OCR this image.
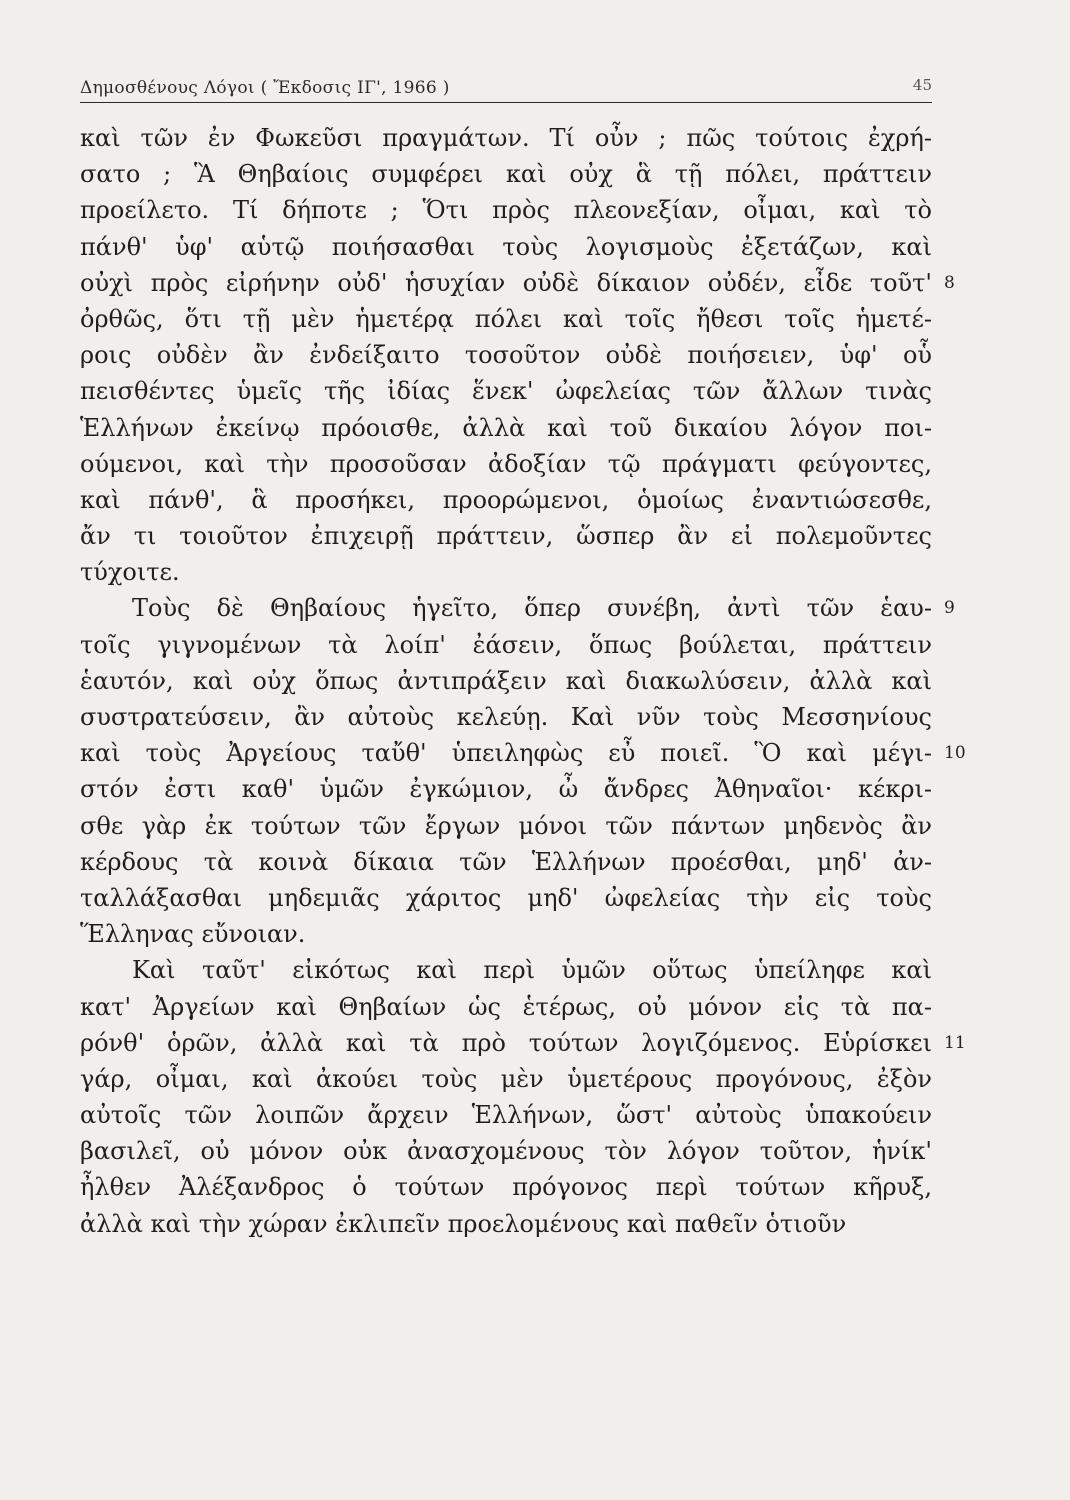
Δημοσθένους Λόγοι ( Ἔκδοσις ΙΓ', 1966 )	45
καὶ τῶν ἐν Φωκεῦσι πραγμάτων. Τί οὖν ; πῶς τούτοις ἐχρή-
σατο ; Ἃ Θηβαίοις συμφέρει καὶ οὐχ ἃ τῇ πόλει, πράττειν
προείλετο. Τί δήποτε ; Ὅτι πρὸς πλεονεξίαν, οἶμαι, καὶ τὸ
πάνθ' ὑφ' αὑτῷ ποιήσασθαι τοὺς λογισμοὺς ἐξετάζων, καὶ
οὐχὶ πρὸς εἰρήνην οὐδ' ἡσυχίαν οὐδὲ δίκαιον οὐδέν, εἶδε τοῦτ' 8
ὀρθῶς, ὅτι τῇ μὲν ἡμετέρᾳ πόλει καὶ τοῖς ἤθεσι τοῖς ἡμετέ-
ροις οὐδὲν ἂν ἐνδείξαιτο τοσοῦτον οὐδὲ ποιήσειεν, ὑφ' οὗ
πεισθέντες ὑμεῖς τῆς ἰδίας ἕνεκ' ὠφελείας τῶν ἄλλων τινὰς
Ἑλλήνων ἐκείνῳ πρόοισθε, ἀλλὰ καὶ τοῦ δικαίου λόγον ποι-
ούμενοι, καὶ τὴν προσοῦσαν ἀδοξίαν τῷ πράγματι φεύγοντες,
καὶ πάνθ', ἃ προσήκει, προορώμενοι, ὁμοίως ἐναντιώσεσθε,
ἄν τι τοιοῦτον ἐπιχειρῇ πράττειν, ὥσπερ ἂν εἰ πολεμοῦντες
τύχοιτε.
Τοὺς δὲ Θηβαίους ἡγεῖτο, ὅπερ συνέβη, ἀντὶ τῶν ἑαυ- 9
τοῖς γιγνομένων τὰ λοίπ' ἐάσειν, ὅπως βούλεται, πράττειν
ἑαυτόν, καὶ οὐχ ὅπως ἀντιπράξειν καὶ διακωλύσειν, ἀλλὰ καὶ
συστρατεύσειν, ἂν αὐτοὺς κελεύῃ. Καὶ νῦν τοὺς Μεσσηνίους
καὶ τοὺς Ἀργείους ταὔθ' ὑπειληφὼς εὖ ποιεῖ. Ὃ καὶ μέγι- 10
στόν ἐστι καθ' ὑμῶν ἐγκώμιον, ὦ ἄνδρες Ἀθηναῖοι· κέκρι-
σθε γὰρ ἐκ τούτων τῶν ἔργων μόνοι τῶν πάντων μηδενὸς ἂν
κέρδους τὰ κοινὰ δίκαια τῶν Ἑλλήνων προέσθαι, μηδ' ἀν-
ταλλάξασθαι μηδεμιᾶς χάριτος μηδ' ὠφελείας τὴν εἰς τοὺς
Ἕλληνας εὔνοιαν.
Καὶ ταῦτ' εἰκότως καὶ περὶ ὑμῶν οὕτως ὑπείληφε καὶ
κατ' Ἀργείων καὶ Θηβαίων ὡς ἑτέρως, οὐ μόνον εἰς τὰ πα-
ρόνθ' ὁρῶν, ἀλλὰ καὶ τὰ πρὸ τούτων λογιζόμενος. Εὑρίσκει 11
γάρ, οἶμαι, καὶ ἀκούει τοὺς μὲν ὑμετέρους προγόνους, ἐξὸν
αὐτοῖς τῶν λοιπῶν ἄρχειν Ἑλλήνων, ὥστ' αὐτοὺς ὑπακούειν
βασιλεῖ, οὐ μόνον οὐκ ἀνασχομένους τὸν λόγον τοῦτον, ἡνίκ'
ἦλθεν Ἀλέξανδρος ὁ τούτων πρόγονος περὶ τούτων κῆρυξ,
ἀλλὰ καὶ τὴν χώραν ἐκλιπεῖν προελομένους καὶ παθεῖν ὁτιοῦν
